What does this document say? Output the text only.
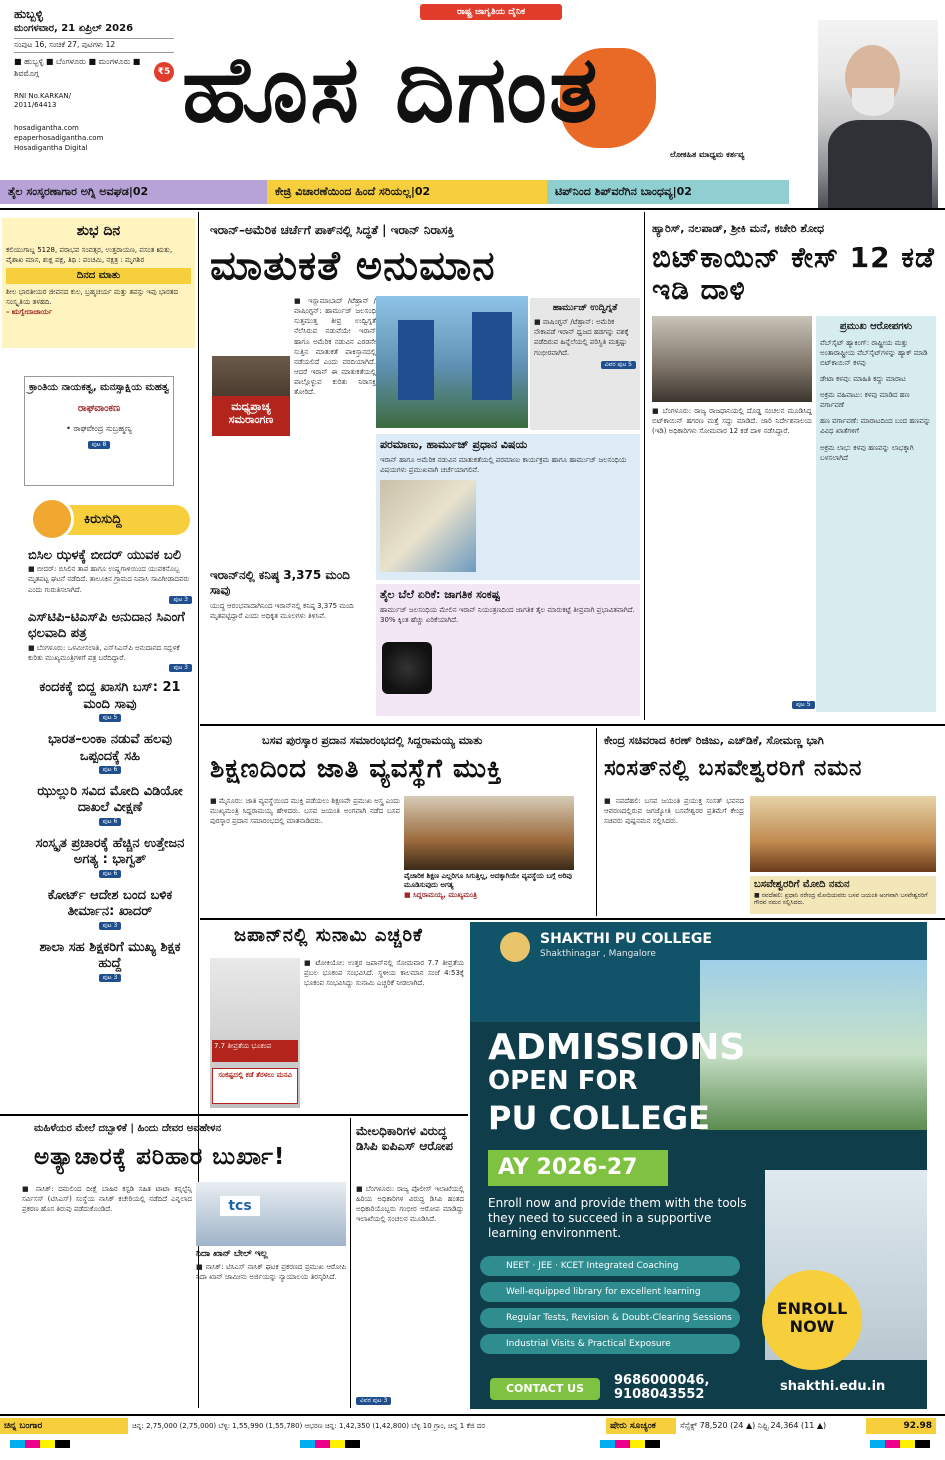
ಹುಬ್ಬಳ್ಳಿ
ಮಂಗಳವಾರ, 21 ಏಪ್ರಿಲ್ 2026
ಸಂಪುಟ 16, ಸಂಚಿಕೆ 27, ಪುಟಗಳು 12
■ ಹುಬ್ಬಳ್ಳಿ ■ ಬೆಂಗಳೂರು ■ ಮಂಗಳೂರು ■ ಶಿವಮೊಗ್ಗ	₹5
RNI No.KARKAN/ 2011/64413
hosadigantha.com
epaperhosadigantha.com
Hosadigantha Digital
ರಾಷ್ಟ್ರ ಜಾಗೃತಿಯ ದೈನಿಕ
ಹೊಸ ದಿಗಂತ
ಲೋಕಹಿತ ಮಾಧ್ಯಮ ಕರ್ತವ್ಯ
ತೈಲ ಸಂಸ್ಕರಣಾಗಾರ ಅಗ್ನಿ ಅವಘಡ|02	ಕೇಜ್ರಿ ವಿಚಾರಣೆಯಿಂದ ಹಿಂದೆ ಸರಿಯಲ್ಲ|02	ಟಿಪ್‌ನಿಂದ ಶಿಪ್‌ವರೆಗಿನ ಬಾಂಧವ್ಯ|02
ಶುಭ ದಿನ
ಕಲಿಯುಗಾಬ್ದ 5128, ಪರಾಭವ ಸಂವತ್ಸರ, ಉತ್ತರಾಯಣ, ವಸಂತ ಋತು, ವೈಶಾಖ ಮಾಸ, ಶುಕ್ಲ ಪಕ್ಷ, ತಿಥಿ : ಪಂಚಮಿ, ನಕ್ಷತ್ರ : ಮೃಗಶಿರ
ದಿನದ ಮಾತು
ಶೀಲ ಭಾರತೀಯರ ಜೀವನದ ಕುಲ, ಬ್ರಹ್ಮಚರ್ಯ ಮತ್ತು ತಪಸ್ಸು ಇವು ಭಾರತದ ಸಂಸ್ಕೃತಿಯ ತಳಹದಿ.
– ಋಗ್ವೇದಾಚಾರ್ಯ
ಕ್ರಾಂತಿಯ ನಾಯಕತ್ವ, ಮನಸ್ಸಾಕ್ಷಿಯ ಮಹತ್ವ
ರಾಘವಾಂಕಣ
• ರಾಘವೇಂದ್ರ ಸುಬ್ರಹ್ಮಣ್ಯ
ಪುಟ 8
ಕಿರುಸುದ್ದಿ
ಬಿಸಿಲ ಝಳಕ್ಕೆ ಬೀದರ್ ಯುವಕ ಬಲಿ
■ ಬೀದರ್: ಬಿಸಿಲಿನ ತಾಪ ಹಾಗೂ ಉಷ್ಣಗಾಳಿಯಿಂದ ಯುವಕನೊಬ್ಬ ಮೃತಪಟ್ಟ ಘಟನೆ ನಡೆದಿದೆ. ತಾಲೂಕಿನ ಗ್ರಾಮದ ನಿವಾಸಿ ಸಾವಿಗೀಡಾದವರು ಎಂದು ಗುರುತಿಸಲಾಗಿದೆ.
ಪುಟ 3
ಎಸ್‌ಟಿಪಿ–ಟಿಎಸ್‌ಪಿ ಅನುದಾನ ಸಿಎಂಗೆ ಛಲವಾದಿ ಪತ್ರ
■ ಬೆಂಗಳೂರು: ಒಳಮೀಸಲಾತಿ, ಎಸ್‌ಸಿಎಸ್‌ಪಿ ಅನುದಾನದ ಸದ್ಬಳಕೆ ಕುರಿತು ಮುಖ್ಯಮಂತ್ರಿಗಳಿಗೆ ಪತ್ರ ಬರೆದಿದ್ದಾರೆ.
ಪುಟ 3
ಕಂದಕಕ್ಕೆ ಬಿದ್ದ ಖಾಸಗಿ ಬಸ್: 21 ಮಂದಿ ಸಾವು
ಪುಟ 5
ಭಾರತ–ಲಂಕಾ ನಡುವೆ ಹಲವು ಒಪ್ಪಂದಕ್ಕೆ ಸಹಿ
ಪುಟ 6
ಝುಲ್ಲುರಿ ಸವಿದ ಮೋದಿ ವಿಡಿಯೋ ದಾಖಲೆ ವೀಕ್ಷಣೆ
ಪುಟ 6
ಸಂಸ್ಕೃತ ಪ್ರಚಾರಕ್ಕೆ ಹೆಚ್ಚಿನ ಉತ್ತೇಜನ ಅಗತ್ಯ : ಭಾಗ್ವತ್
ಪುಟ 6
ಕೋರ್ಟ್ ಆದೇಶ ಬಂದ ಬಳಿಕ ತೀರ್ಮಾನ: ಖಾದರ್
ಪುಟ 3
ಶಾಲಾ ಸಹ ಶಿಕ್ಷಕರಿಗೆ ಮುಖ್ಯ ಶಿಕ್ಷಕ ಹುದ್ದೆ
ಪುಟ 3
ಇರಾನ್–ಅಮೆರಿಕ ಚರ್ಚೆಗೆ ಪಾಕ್‌ನಲ್ಲಿ ಸಿದ್ಧತೆ | ಇರಾನ್ ನಿರಾಸಕ್ತಿ
ಮಾತುಕತೆ ಅನುಮಾನ
ಮಧ್ಯಪ್ರಾಚ್ಯ ಸಮರಾಂಗಣ
■ ಇಸ್ಲಾಮಾಬಾದ್ /ಟೆಹ್ರಾನ್ /ವಾಷಿಂಗ್ಟನ್: ಹಾರ್ಮುಜ್ ಜಲಸಂಧಿ ಸುತ್ತಮುತ್ತ ತೀವ್ರ ಉದ್ವಿಗ್ನತೆ ನೆಲೆಸಿರುವ ನಡುವೆಯೇ ಇರಾನ್ ಹಾಗೂ ಅಮೆರಿಕ ನಡುವಿನ ಎರಡನೇ ಸುತ್ತಿನ ಮಾತುಕತೆ ಪಾಕಿಸ್ತಾನದಲ್ಲಿ ನಡೆಯಲಿದೆ ಎಂದು ವರದಿಯಾಗಿದೆ. ಆದರೆ ಇರಾನ್ ಈ ಮಾತುಕತೆಯಲ್ಲಿ ಪಾಲ್ಗೊಳ್ಳುವ ಕುರಿತು ನಿರಾಸಕ್ತಿ ತೋರಿದೆ.
ಹಾರ್ಮುಜ್ ಉದ್ವಿಗ್ನತೆ
■ ವಾಷಿಂಗ್ಟನ್ /ಟೆಹ್ರಾನ್: ಅಮೆರಿಕ ನೌಕಾಪಡೆ ಇರಾನ್ ಧ್ವಜದ ಹಡಗನ್ನು ವಶಕ್ಕೆ ಪಡೆದಿರುವ ಹಿನ್ನೆಲೆಯಲ್ಲಿ ಪರಿಸ್ಥಿತಿ ಮತ್ತಷ್ಟು ಗಂಭೀರವಾಗಿದೆ.
ವಿವರ ಪುಟ 5
ಪರಮಾಣು, ಹಾರ್ಮುಜ್ ಪ್ರಧಾನ ವಿಷಯ
ಇರಾನ್ ಹಾಗೂ ಅಮೆರಿಕ ನಡುವಿನ ಮಾತುಕತೆಯಲ್ಲಿ ಪರಮಾಣು ಕಾರ್ಯಕ್ರಮ ಹಾಗೂ ಹಾರ್ಮುಜ್ ಜಲಸಂಧಿಯ ವಿಷಯಗಳು ಪ್ರಮುಖವಾಗಿ ಚರ್ಚೆಯಾಗಲಿವೆ.
ಇರಾನ್‌ನಲ್ಲಿ ಕನಿಷ್ಠ 3,375 ಮಂದಿ ಸಾವು
ಯುದ್ಧ ಆರಂಭವಾದಾಗಿನಿಂದ ಇರಾನ್‌ನಲ್ಲಿ ಕನಿಷ್ಠ 3,375 ಮಂದಿ ಮೃತಪಟ್ಟಿದ್ದಾರೆ ಎಂದು ಅಧಿಕೃತ ಮೂಲಗಳು ತಿಳಿಸಿವೆ.
ತೈಲ ಬೆಲೆ ಏರಿಕೆ: ಜಾಗತಿಕ ಸಂಕಷ್ಟ
ಹಾರ್ಮುಜ್ ಜಲಸಂಧಿಯ ಮೇಲಿನ ಇರಾನ್ ನಿಯಂತ್ರಣದಿಂದ ಜಾಗತಿಕ ತೈಲ ಮಾರುಕಟ್ಟೆ ತೀವ್ರವಾಗಿ ಪ್ರಭಾವಿತವಾಗಿದೆ. 30% ಕ್ಕಿಂತ ಹೆಚ್ಚು ಏರಿಕೆಯಾಗಿದೆ.
ಹ್ಯಾರಿಸ್, ನಲಪಾಡ್, ಶ್ರೀಕಿ ಮನೆ, ಕಚೇರಿ ಶೋಧ
ಬಿಟ್‌ಕಾಯಿನ್ ಕೇಸ್ 12 ಕಡೆ ಇಡಿ ದಾಳಿ
■ ಬೆಂಗಳೂರು: ರಾಜ್ಯ ರಾಜಧಾನಿಯಲ್ಲಿ ದೊಡ್ಡ ಸಂಚಲನ ಮೂಡಿಸಿದ್ದ ಬಿಟ್‌ಕಾಯಿನ್ ಹಗರಣ ಮತ್ತೆ ಸದ್ದು ಮಾಡಿದೆ. ಜಾರಿ ನಿರ್ದೇಶನಾಲಯ (ಇಡಿ) ಅಧಿಕಾರಿಗಳು ಸೋಮವಾರ 12 ಕಡೆ ದಾಳಿ ನಡೆಸಿದ್ದಾರೆ.
ಪ್ರಮುಖ ಆರೋಪಗಳು
ವೆಬ್‌ಸೈಟ್ ಹ್ಯಾಕಿಂಗ್: ರಾಷ್ಟ್ರೀಯ ಮತ್ತು ಅಂತಾರಾಷ್ಟ್ರೀಯ ವೆಬ್‌ಸೈಟ್‌ಗಳನ್ನು ಹ್ಯಾಕ್ ಮಾಡಿ ಬಿಟ್‌ಕಾಯಿನ್ ಕಳವು
ಡೇಟಾ ಕಳವು: ಮಾಹಿತಿ ಕದ್ದು ಮಾರಾಟ
ಅಕ್ರಮ ವಹಿವಾಟು: ಕಳವು ಮಾಡಿದ ಹಣ ವರ್ಗಾವಣೆ
ಹಣ ವರ್ಗಾವಣೆ: ಮಾರಾಟದಿಂದ ಬಂದ ಹಣವನ್ನು ವಿವಿಧ ಖಾತೆಗಳಿಗೆ
ಅಕ್ರಮ ಲಾಭ: ಕಳವು ಹಣವನ್ನು ಲಾಭಕ್ಕಾಗಿ ಬಳಸಲಾಗಿದೆ
ಪುಟ 5
ಬಸವ ಪುರಸ್ಕಾರ ಪ್ರದಾನ ಸಮಾರಂಭದಲ್ಲಿ ಸಿದ್ದರಾಮಯ್ಯ ಮಾತು
ಶಿಕ್ಷಣದಿಂದ ಜಾತಿ ವ್ಯವಸ್ಥೆಗೆ ಮುಕ್ತಿ
■ ಮೈಸೂರು: ಜಾತಿ ವ್ಯವಸ್ಥೆಯಿಂದ ಮುಕ್ತಿ ಪಡೆಯಲು ಶಿಕ್ಷಣವೇ ಪ್ರಮುಖ ಅಸ್ತ್ರ ಎಂದು ಮುಖ್ಯಮಂತ್ರಿ ಸಿದ್ದರಾಮಯ್ಯ ಹೇಳಿದರು. ಬಸವ ಜಯಂತಿ ಅಂಗವಾಗಿ ನಡೆದ ಬಸವ ಪುರಸ್ಕಾರ ಪ್ರದಾನ ಸಮಾರಂಭದಲ್ಲಿ ಮಾತನಾಡಿದರು.
ವೈಚಾರಿಕ ಶಿಕ್ಷಣ ಎಲ್ಲರಿಗೂ ಸಿಗುತ್ತಿಲ್ಲ, ಅದಕ್ಕಾಗಿಯೇ ವ್ಯವಸ್ಥೆಯ ಬಗ್ಗೆ ಅರಿವು ಮೂಡಿಸುವುದು ಅಗತ್ಯ
■ ಸಿದ್ದರಾಮಯ್ಯ, ಮುಖ್ಯಮಂತ್ರಿ
ಕೇಂದ್ರ ಸಚಿವರಾದ ಕಿರಣ್ ರಿಜಿಜು, ಎಚ್‌ಡಿಕೆ, ಸೋಮಣ್ಣ ಭಾಗಿ
ಸಂಸತ್‌ನಲ್ಲಿ ಬಸವೇಶ್ವರರಿಗೆ ನಮನ
■ ನವದೆಹಲಿ: ಬಸವ ಜಯಂತಿ ಪ್ರಯುಕ್ತ ಸಂಸತ್ ಭವನದ ಆವರಣದಲ್ಲಿರುವ ಜಗಜ್ಯೋತಿ ಬಸವೇಶ್ವರರ ಪ್ರತಿಮೆಗೆ ಕೇಂದ್ರ ಸಚಿವರು ಪುಷ್ಪನಮನ ಸಲ್ಲಿಸಿದರು.
ಬಸವೇಶ್ವರರಿಗೆ ಮೋದಿ ನಮನ
■ ನವದೆಹಲಿ: ಪ್ರಧಾನಿ ನರೇಂದ್ರ ಮೋದಿಯವರು ಬಸವ ಜಯಂತಿ ಅಂಗವಾಗಿ ಬಸವೇಶ್ವರರಿಗೆ ಗೌರವ ನಮನ ಸಲ್ಲಿಸಿದರು.
ಜಪಾನ್‌ನಲ್ಲಿ ಸುನಾಮಿ ಎಚ್ಚರಿಕೆ
7.7 ತೀವ್ರತೆಯ ಭೂಕಂಪ
ಸಂಕಷ್ಟದಲ್ಲಿ ಕಡೆ ತೆರಳಲು ಮನವಿ
■ ಟೋಕಿಯೋ: ಉತ್ತರ ಜಪಾನ್‌ನಲ್ಲಿ ಸೋಮವಾರ 7.7 ತೀವ್ರತೆಯ ಪ್ರಬಲ ಭೂಕಂಪ ಸಂಭವಿಸಿದೆ. ಸ್ಥಳೀಯ ಕಾಲಮಾನ ಸಂಜೆ 4:53ಕ್ಕೆ ಭೂಕಂಪ ಸಂಭವಿಸಿದ್ದು ಸುನಾಮಿ ಎಚ್ಚರಿಕೆ ನೀಡಲಾಗಿದೆ.
ಮಹಿಳೆಯರ ಮೇಲೆ ದಬ್ಬಾಳಿಕೆ | ಹಿಂದು ದೇವರ ಅವಹೇಳನ
ಅತ್ಯಾಚಾರಕ್ಕೆ ಪರಿಹಾರ ಬುರ್ಖಾ!
■ ನಾಸಿಕ್: ದಮಲಿಂದ ದೀಕ್ಷೆ ಬಾಹಿರ ಕಸ್ಟಡಿ ಸಹಿತ ಟಾಟಾ ಕನ್ಸಲ್ಟೆನ್ಸಿ ಸರ್ವಿಸಸ್ (ಟಿಸಿಎಸ್) ಸಂಸ್ಥೆಯ ನಾಸಿಕ್ ಕಚೇರಿಯಲ್ಲಿ ನಡೆದಿದೆ ಎನ್ನಲಾದ ಪ್ರಕರಣ ಹೊಸ ತಿರುವು ಪಡೆದುಕೊಂಡಿದೆ.	tcs
ನಿದಾ ಖಾನ್ ಬೇಲ್ ಇಲ್ಲ
■ ನಾಸಿಕ್: ಟಿಸಿಎಸ್ ನಾಸಿಕ್ ಘಟಕ ಪ್ರಕರಣದ ಪ್ರಮುಖ ಆರೋಪಿ ನಿದಾ ಖಾನ್ ಜಾಮೀನು ಅರ್ಜಿಯನ್ನು ನ್ಯಾಯಾಲಯ ತಿರಸ್ಕರಿಸಿದೆ.
ಮೇಲಧಿಕಾರಿಗಳ ವಿರುದ್ಧ ಡಿಸಿಪಿ ಐಪಿಎಸ್ ಆರೋಪ
■ ಬೆಂಗಳೂರು: ರಾಜ್ಯ ಪೊಲೀಸ್ ಇಲಾಖೆಯಲ್ಲಿ ಹಿರಿಯ ಅಧಿಕಾರಿಗಳ ವಿರುದ್ಧ ಡಿಸಿಪಿ ಹಂತದ ಅಧಿಕಾರಿಯೊಬ್ಬರು ಗಂಭೀರ ಆರೋಪ ಮಾಡಿದ್ದು ಇಲಾಖೆಯಲ್ಲಿ ಸಂಚಲನ ಮೂಡಿಸಿದೆ.
ವಿವರ ಪುಟ 3
SHAKTHI PU COLLEGE
Shakthinagar , Mangalore
ADMISSIONS
OPEN FOR
PU COLLEGE
AY 2026-27
Enroll now and provide them with the tools they need to succeed in a supportive learning environment.
NEET · JEE · KCET Integrated Coaching
Well-equipped library for excellent learning
Regular Tests, Revision & Doubt-Clearing Sessions
Industrial Visits & Practical Exposure
ENROLL NOW
CONTACT US
9686000046,
9108043552
shakthi.edu.in
ಚಿನ್ನ ಬಂಗಾರ	ಚಿನ್ನ: 2,75,000 (2,75,000) ಬೆಳ್ಳಿ: 1,55,990 (1,55,780) ಆಭರಣ ಚಿನ್ನ: 1,42,350 (1,42,800) ಬೆಳ್ಳಿ 10 ಗ್ರಾಂ, ಚಿನ್ನ 1 ಕೆಜಿ ದರ	ಷೇರು ಸೂಚ್ಯಂಕ	ಸೆನ್ಸೆಕ್ಸ್ 78,520 (24 ▲) ನಿಫ್ಟಿ 24,364 (11 ▲)	92.98
